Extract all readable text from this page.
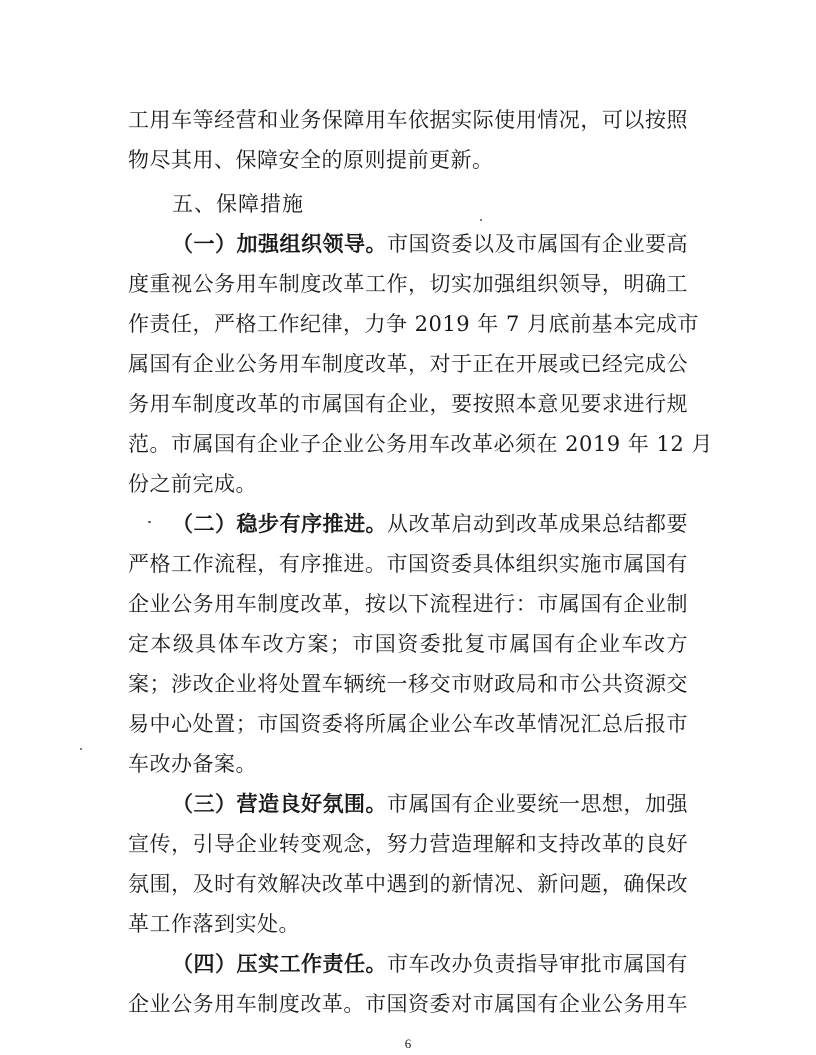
工用车等经营和业务保障用车依据实际使用情况，可以按照
物尽其用、保障安全的原则提前更新。
五、保障措施
（一）加强组织领导。市国资委以及市属国有企业要高
度重视公务用车制度改革工作，切实加强组织领导，明确工
作责任，严格工作纪律，力争 2019 年 7 月底前基本完成市
属国有企业公务用车制度改革，对于正在开展或已经完成公
务用车制度改革的市属国有企业，要按照本意见要求进行规
范。市属国有企业子企业公务用车改革必须在 2019 年 12 月
份之前完成。
（二）稳步有序推进。从改革启动到改革成果总结都要
严格工作流程，有序推进。市国资委具体组织实施市属国有
企业公务用车制度改革，按以下流程进行：市属国有企业制
定本级具体车改方案；市国资委批复市属国有企业车改方
案；涉改企业将处置车辆统一移交市财政局和市公共资源交
易中心处置；市国资委将所属企业公车改革情况汇总后报市
车改办备案。
（三）营造良好氛围。市属国有企业要统一思想，加强
宣传，引导企业转变观念，努力营造理解和支持改革的良好
氛围，及时有效解决改革中遇到的新情况、新问题，确保改
革工作落到实处。
（四）压实工作责任。市车改办负责指导审批市属国有
企业公务用车制度改革。市国资委对市属国有企业公务用车
6
